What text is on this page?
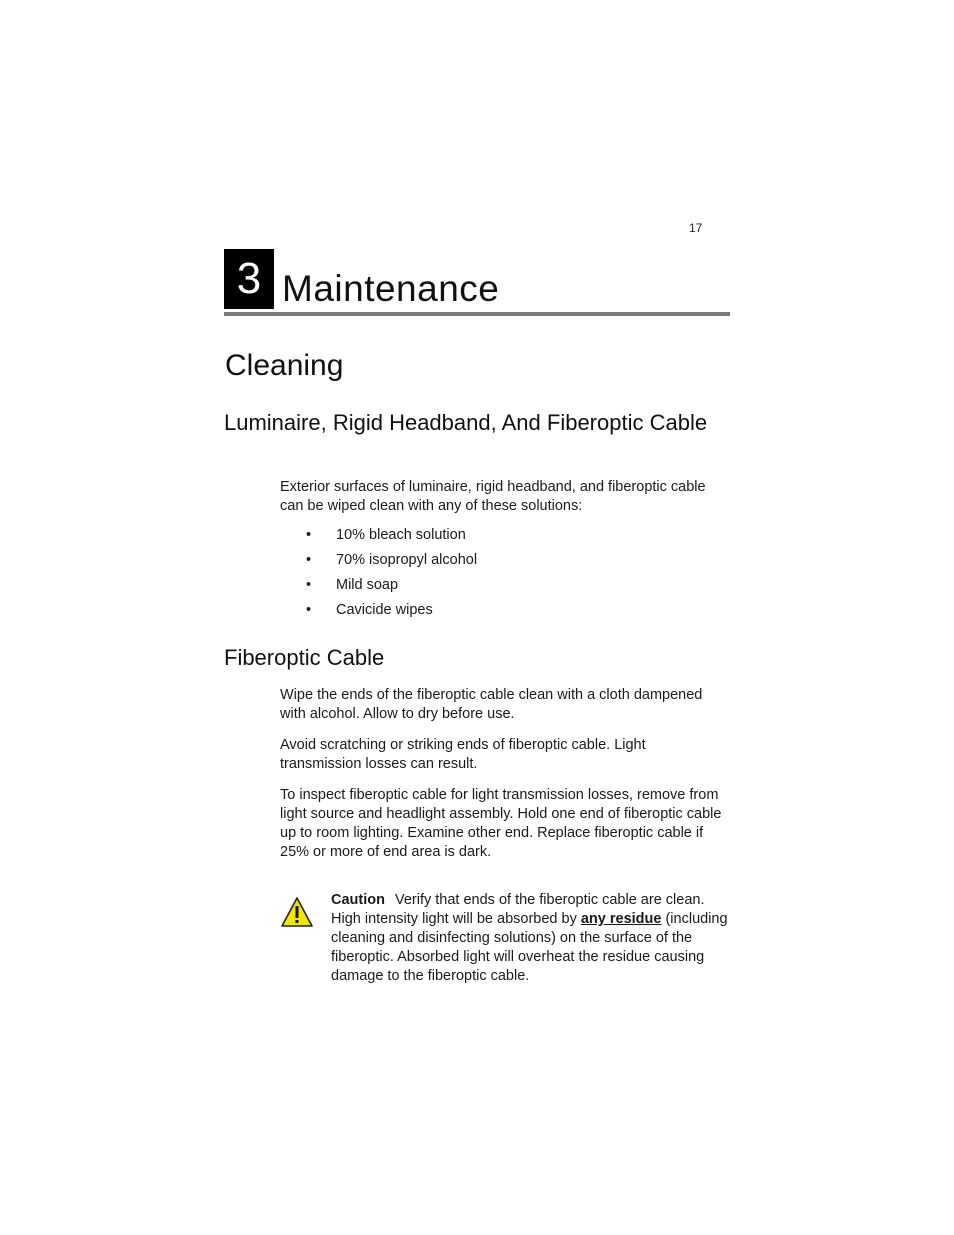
17
3 Maintenance
Cleaning
Luminaire, Rigid Headband, And Fiberoptic Cable

Exterior surfaces of luminaire, rigid headband, and fiberoptic cable can be wiped clean with any of these solutions:

•	10% bleach solution
•	70% isopropyl alcohol
•	Mild soap
•	Cavicide wipes
Fiberoptic Cable

Wipe the ends of the fiberoptic cable clean with a cloth dampened with alcohol. Allow to dry before use.

Avoid scratching or striking ends of fiberoptic cable. Light transmission losses can result.

To inspect fiberoptic cable for light transmission losses, remove from light source and headlight assembly. Hold one end of fiberoptic cable up to room lighting. Examine other end. Replace fiberoptic cable if 25% or more of end area is dark.

Caution Verify that ends of the fiberoptic cable are clean. High intensity light will be absorbed by any residue (including cleaning and disinfecting solutions) on the surface of the fiberoptic. Absorbed light will overheat the residue causing damage to the fiberoptic cable.
